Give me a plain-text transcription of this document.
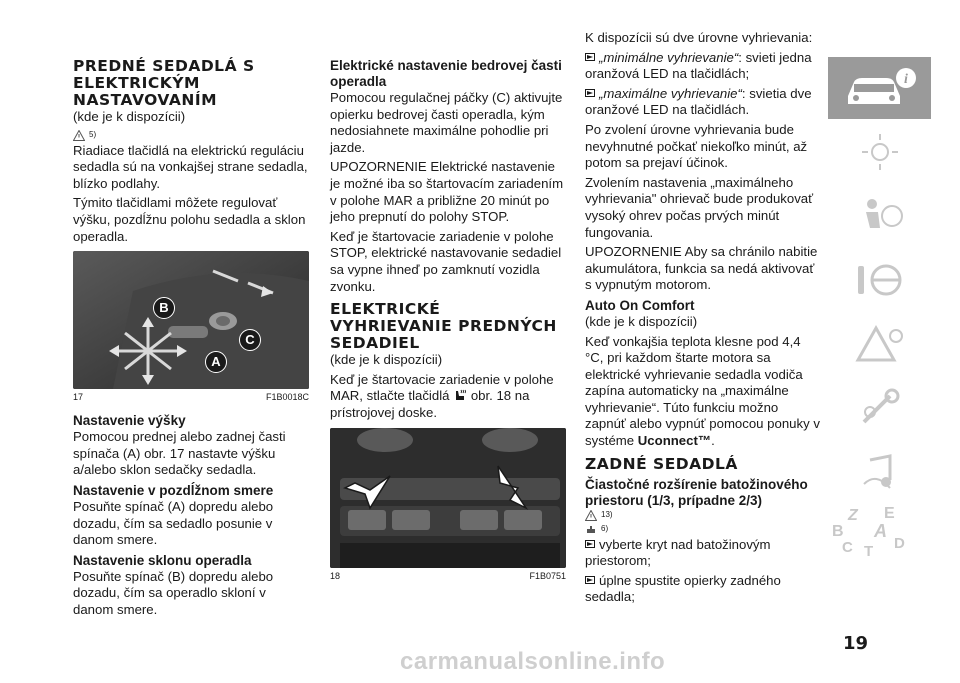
PREDNÉ SEDADLÁ S ELEKTRICKÝM NASTAVOVANÍM

(kde je k dispozícii)

5)

Riadiace tlačidlá na elektrickú reguláciu sedadla sú na vonkajšej strane sedadla, blízko podlahy.

Týmito tlačidlami môžete regulovať výšku, pozdĺžnu polohu sedadla a sklon operadla.

B
A
C
17	F1B0018C
Nastavenie výšky

Pomocou prednej alebo zadnej časti spínača (A) obr. 17 nastavte výšku a/alebo sklon sedačky sedadla.

Nastavenie v pozdĺžnom smere

Posuňte spínač (A) dopredu alebo dozadu, čím sa sedadlo posunie v danom smere.

Nastavenie sklonu operadla

Posuňte spínač (B) dopredu alebo dozadu, čím sa operadlo skloní v danom smere.

Elektrické nastavenie bedrovej časti operadla

Pomocou regulačnej páčky (C) aktivujte opierku bedrovej časti operadla, kým nedosiahnete maximálne pohodlie pri jazde.

UPOZORNENIE Elektrické nastavenie je možné iba so štartovacím zariadením v polohe MAR a približne 20 minút po jeho prepnutí do polohy STOP.

Keď je štartovacie zariadenie v polohe STOP, elektrické nastavovanie sedadiel sa vypne ihneď po zamknutí vozidla zvonku.

ELEKTRICKÉ VYHRIEVANIE PREDNÝCH SEDADIEL

(kde je k dispozícii)

Keď je štartovacie zariadenie v polohe MAR, stlačte tlačidlá obr. 18 na prístrojovej doske.

18	F1B0751

K dispozícii sú dve úrovne vyhrievania:

„minimálne vyhrievanie“: svieti jedna oranžová LED na tlačidlách;

„maximálne vyhrievanie“: svietia dve oranžové LED na tlačidlách.

Po zvolení úrovne vyhrievania bude nevyhnutné počkať niekoľko minút, až potom sa prejaví účinok.

Zvolením nastavenia „maximálneho vyhrievania" ohrievač bude produkovať vysoký ohrev počas prvých minút fungovania.

UPOZORNENIE Aby sa chránilo nabitie akumulátora, funkcia sa nedá aktivovať s vypnutým motorom.

Auto On Comfort

(kde je k dispozícii)

Keď vonkajšia teplota klesne pod 4,4 °C, pri každom štarte motora sa elektrické vyhrievanie sedadla vodiča zapína automaticky na „maximálne vyhrievanie“. Túto funkciu možno zapnúť alebo vypnúť pomocou ponuky v systéme Uconnect™.

ZADNÉ SEDADLÁ
Čiastočné rozšírenie batožinového priestoru (1/3, prípadne 2/3)
13)
6)

vyberte kryt nad batožinovým priestorom;

úplne spustite opierky zadného sedadla;

i
Z E
B A
C T D
19
carmanualsonline.info
